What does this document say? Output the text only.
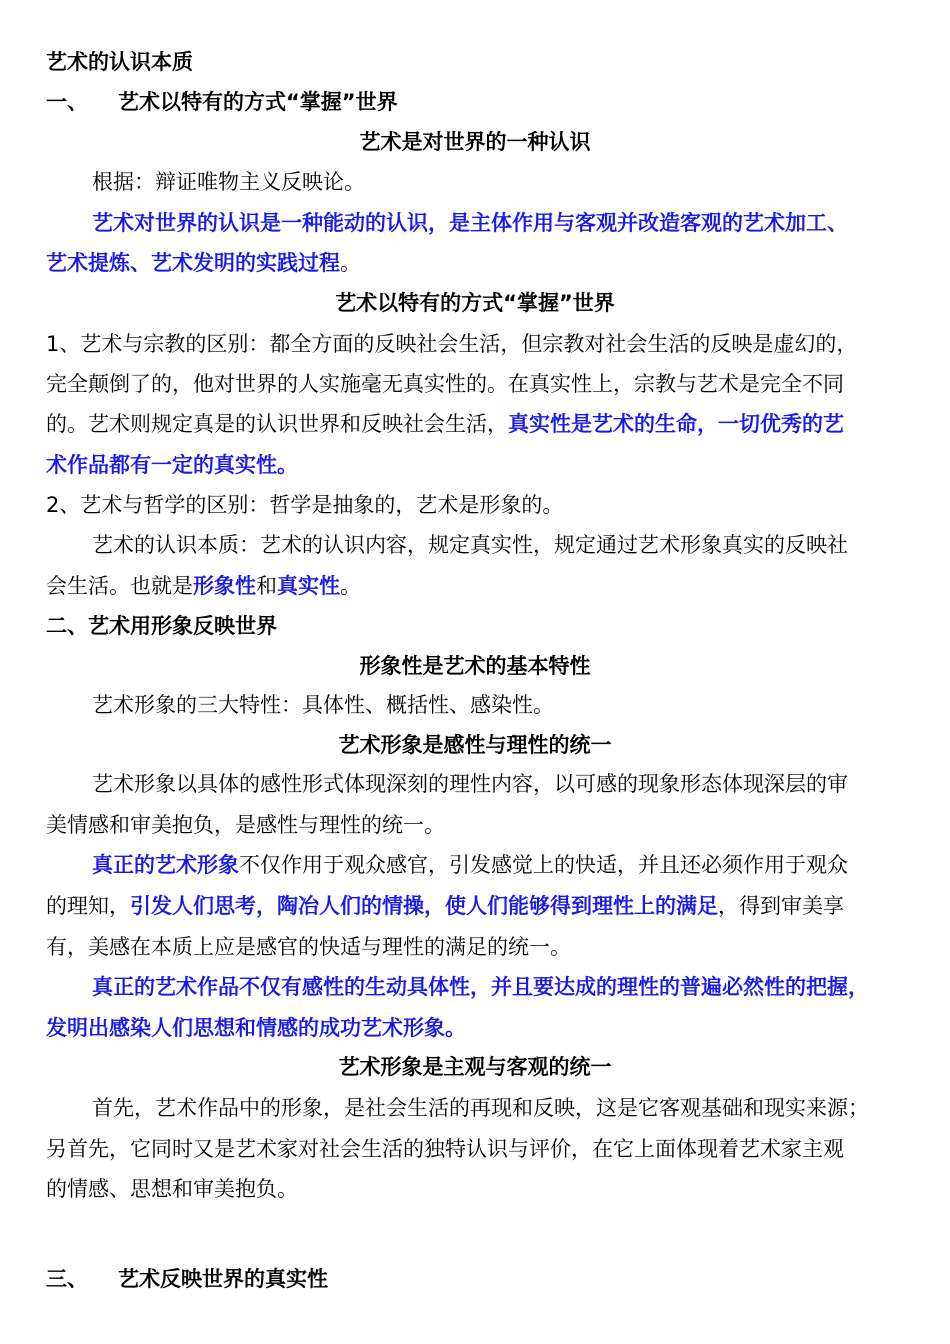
艺术的认识本质
一、 艺术以特有的方式“掌握”世界
艺术是对世界的一种认识
根据：辩证唯物主义反映论。
艺术对世界的认识是一种能动的认识，是主体作用与客观并改造客观的艺术加工、
艺术提炼、艺术发明的实践过程。
艺术以特有的方式“掌握”世界
1、艺术与宗教的区别：都全方面的反映社会生活，但宗教对社会生活的反映是虚幻的，
完全颠倒了的，他对世界的人实施毫无真实性的。在真实性上，宗教与艺术是完全不同
的。艺术则规定真是的认识世界和反映社会生活，真实性是艺术的生命，一切优秀的艺
术作品都有一定的真实性。
2、艺术与哲学的区别：哲学是抽象的，艺术是形象的。
艺术的认识本质：艺术的认识内容，规定真实性，规定通过艺术形象真实的反映社
会生活。也就是形象性和真实性。
二、艺术用形象反映世界
形象性是艺术的基本特性
艺术形象的三大特性：具体性、概括性、感染性。
艺术形象是感性与理性的统一
艺术形象以具体的感性形式体现深刻的理性内容，以可感的现象形态体现深层的审
美情感和审美抱负，是感性与理性的统一。
真正的艺术形象不仅作用于观众感官，引发感觉上的快适，并且还必须作用于观众
的理知，引发人们思考，陶冶人们的情操，使人们能够得到理性上的满足，得到审美享
有，美感在本质上应是感官的快适与理性的满足的统一。
真正的艺术作品不仅有感性的生动具体性，并且要达成的理性的普遍必然性的把握，
发明出感染人们思想和情感的成功艺术形象。
艺术形象是主观与客观的统一
首先，艺术作品中的形象，是社会生活的再现和反映，这是它客观基础和现实来源；
另首先，它同时又是艺术家对社会生活的独特认识与评价，在它上面体现着艺术家主观
的情感、思想和审美抱负。
三、 艺术反映世界的真实性
